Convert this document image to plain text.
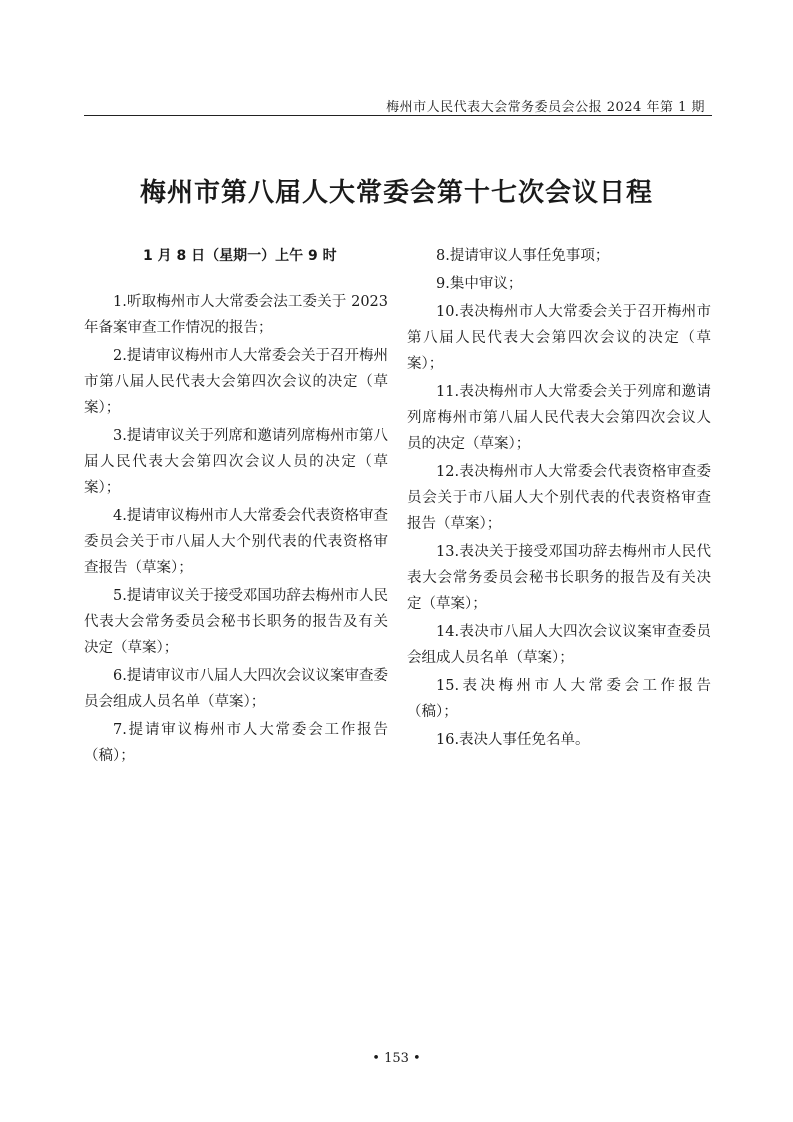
梅州市人民代表大会常务委员会公报 2024 年第 1 期
梅州市第八届人大常委会第十七次会议日程
1 月 8 日（星期一）上午 9 时

1.听取梅州市人大常委会法工委关于 2023 年备案审查工作情况的报告；

2.提请审议梅州市人大常委会关于召开梅州市第八届人民代表大会第四次会议的决定（草案）；

3.提请审议关于列席和邀请列席梅州市第八届人民代表大会第四次会议人员的决定（草案）；

4.提请审议梅州市人大常委会代表资格审查委员会关于市八届人大个别代表的代表资格审查报告（草案）；

5.提请审议关于接受邓国功辞去梅州市人民代表大会常务委员会秘书长职务的报告及有关决定（草案）；

6.提请审议市八届人大四次会议议案审查委员会组成人员名单（草案）；

7.提请审议梅州市人大常委会工作报告（稿）；

8.提请审议人事任免事项；

9.集中审议；

10.表决梅州市人大常委会关于召开梅州市第八届人民代表大会第四次会议的决定（草案）；

11.表决梅州市人大常委会关于列席和邀请列席梅州市第八届人民代表大会第四次会议人员的决定（草案）；

12.表决梅州市人大常委会代表资格审查委员会关于市八届人大个别代表的代表资格审查报告（草案）；

13.表决关于接受邓国功辞去梅州市人民代表大会常务委员会秘书长职务的报告及有关决定（草案）；

14.表决市八届人大四次会议议案审查委员会组成人员名单（草案）；

15.表决梅州市人大常委会工作报告（稿）；

16.表决人事任免名单。

• 153 •
